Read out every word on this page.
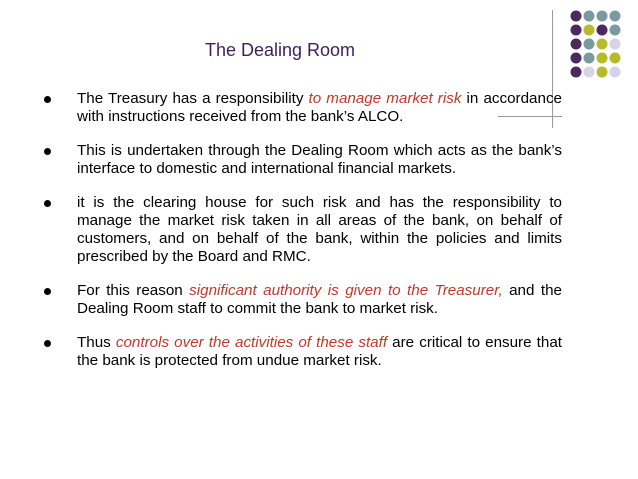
The Dealing Room
The Treasury has a responsibility to manage market risk in accordance with instructions received from the bank’s ALCO.
This is undertaken through the Dealing Room which acts as the bank’s interface to domestic and international financial markets.
it is the clearing house for such risk and has the responsibility to manage the market risk taken in all areas of the bank, on behalf of customers, and on behalf of the bank, within the policies and limits prescribed by the Board and RMC.
For this reason significant authority is given to the Treasurer, and the Dealing Room staff to commit the bank to market risk.
Thus controls over the activities of these staff are critical to ensure that the bank is protected from undue market risk.
